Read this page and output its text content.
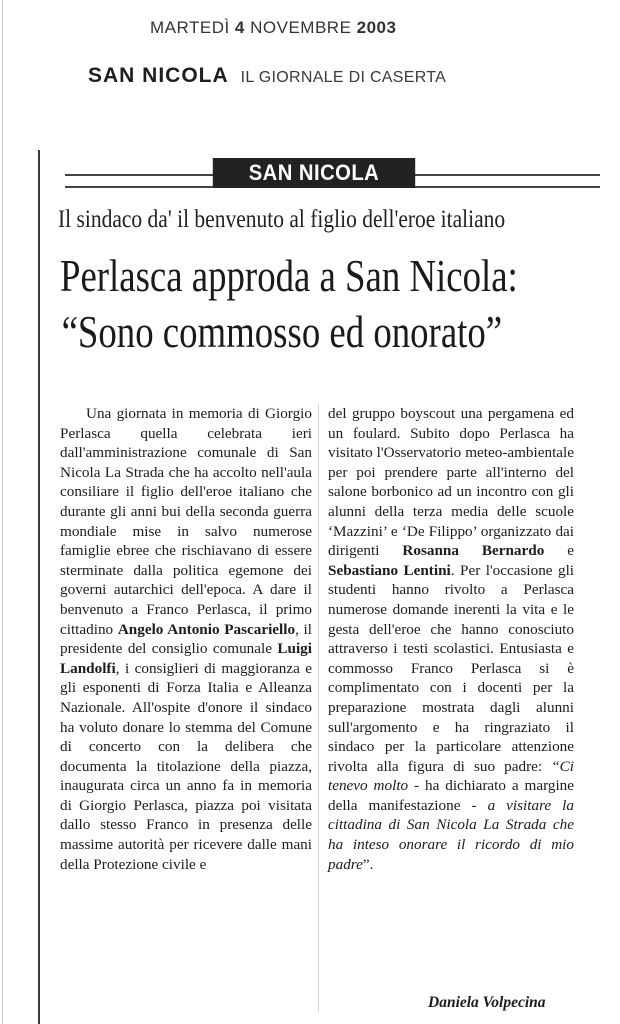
MARTEDÌ 4 NOVEMBRE 2003
SAN NICOLA IL GIORNALE DI CASERTA
SAN NICOLA
Il sindaco da' il benvenuto al figlio dell'eroe italiano
Perlasca approda a San Nicola:
“Sono commosso ed onorato”

Una giornata in memoria di Giorgio Perlasca quella celebrata ieri dall'amministrazione comunale di San Nicola La Strada che ha accolto nell'aula consiliare il figlio dell'eroe italiano che durante gli anni bui della seconda guerra mondiale mise in salvo numerose famiglie ebree che rischiavano di essere sterminate dalla politica egemone dei governi autarchici dell'epoca. A dare il benvenuto a Franco Perlasca, il primo cittadino Angelo Antonio Pascariello, il presidente del consiglio comunale Luigi Landolfi, i consiglieri di maggioranza e gli esponenti di Forza Italia e Alleanza Nazionale. All'ospite d'onore il sindaco ha voluto donare lo stemma del Comune di concerto con la delibera che documenta la titolazione della piazza, inaugurata circa un anno fa in memoria di Giorgio Perlasca, piazza poi visitata dallo stesso Franco in presenza delle massime autorità per ricevere dalle mani della Protezione civile e

del gruppo boyscout una pergamena ed un foulard. Subito dopo Perlasca ha visitato l'Osservatorio meteo-ambientale per poi prendere parte all'interno del salone borbonico ad un incontro con gli alunni della terza media delle scuole ‘Mazzini’ e ‘De Filippo’ organizzato dai dirigenti Rosanna Bernardo e Sebastiano Lentini. Per l'occasione gli studenti hanno rivolto a Perlasca numerose domande inerenti la vita e le gesta dell'eroe che hanno conosciuto attraverso i testi scolastici. Entusiasta e commosso Franco Perlasca si è complimentato con i docenti per la preparazione mostrata dagli alunni sull'argomento e ha ringraziato il sindaco per la particolare attenzione rivolta alla figura di suo padre: “Ci tenevo molto - ha dichiarato a margine della manifestazione - a visitare la cittadina di San Nicola La Strada che ha inteso onorare il ricordo di mio padre”.

Daniela Volpecina
